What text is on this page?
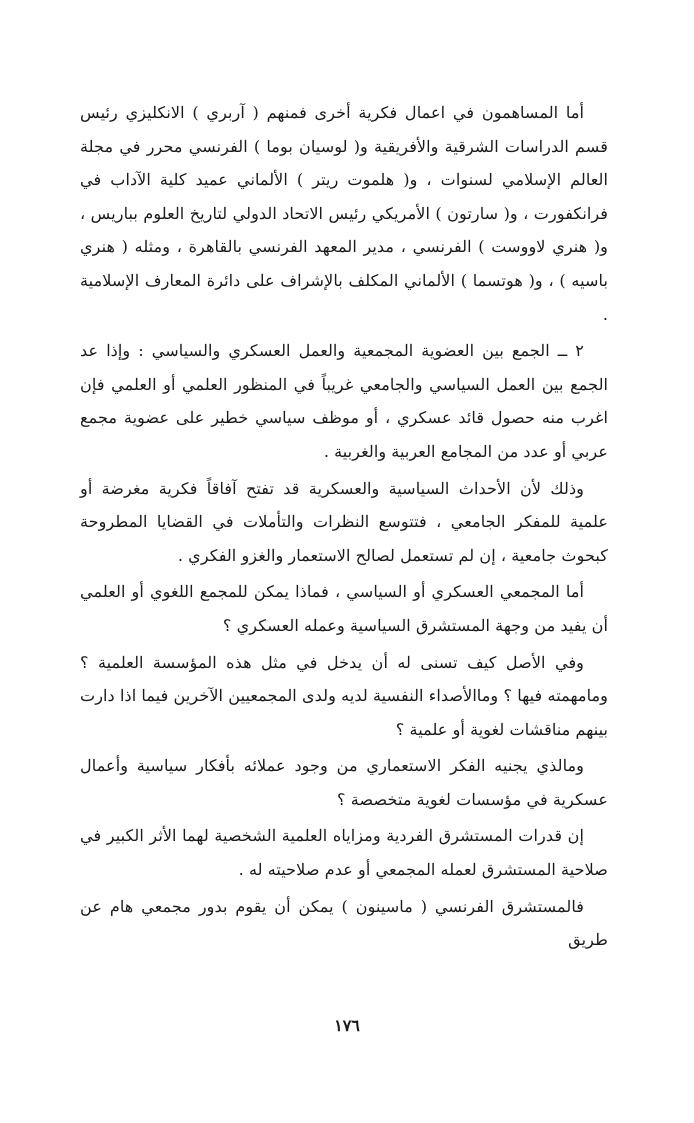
أما المساهمون في اعمال فكرية أخرى فمنهم ( آربري ) الانكليزي رئيس قسم الدراسات الشرقية والأفريقية و( لوسيان بوما ) الفرنسي محرر في مجلة العالم الإسلامي لسنوات ، و( هلموت ريتر ) الألماني عميد كلية الآداب في فرانكفورت ، و( سارتون ) الأمريكي رئيس الاتحاد الدولي لتاريخ العلوم بباريس ، و( هنري لاووست ) الفرنسي ، مدير المعهد الفرنسي بالقاهرة ، ومثله ( هنري باسيه ) ، و( هوتسما ) الألماني المكلف بالإشراف على دائرة المعارف الإسلامية .

٢ ــ الجمع بين العضوية المجمعية والعمل العسكري والسياسي : وإذا عد الجمع بين العمل السياسي والجامعي غريباً في المنظور العلمي أو العلمي فإن اغرب منه حصول قائد عسكري ، أو موظف سياسي خطير على عضوية مجمع عربي أو عدد من المجامع العربية والغربية .

وذلك لأن الأحداث السياسية والعسكرية قد تفتح آفاقاً فكرية مغرضة أو علمية للمفكر الجامعي ، فتتوسع النظرات والتأملات في القضايا المطروحة كبحوث جامعية ، إن لم تستعمل لصالح الاستعمار والغزو الفكري .

أما المجمعي العسكري أو السياسي ، فماذا يمكن للمجمع اللغوي أو العلمي أن يفيد من وجهة المستشرق السياسية وعمله العسكري ؟

وفي الأصل كيف تسنى له أن يدخل في مثل هذه المؤسسة العلمية ؟ ومامهمته فيها ؟ وماالأصداء النفسية لديه ولدى المجمعيين الآخرين فيما اذا دارت بينهم مناقشات لغوية أو علمية ؟

ومالذي يجنيه الفكر الاستعماري من وجود عملائه بأفكار سياسية وأعمال عسكرية في مؤسسات لغوية متخصصة ؟

إن قدرات المستشرق الفردية ومزاياه العلمية الشخصية لهما الأثر الكبير في صلاحية المستشرق لعمله المجمعي أو عدم صلاحيته له .

فالمستشرق الفرنسي ( ماسينون ) يمكن أن يقوم بدور مجمعي هام عن طريق

١٧٦
